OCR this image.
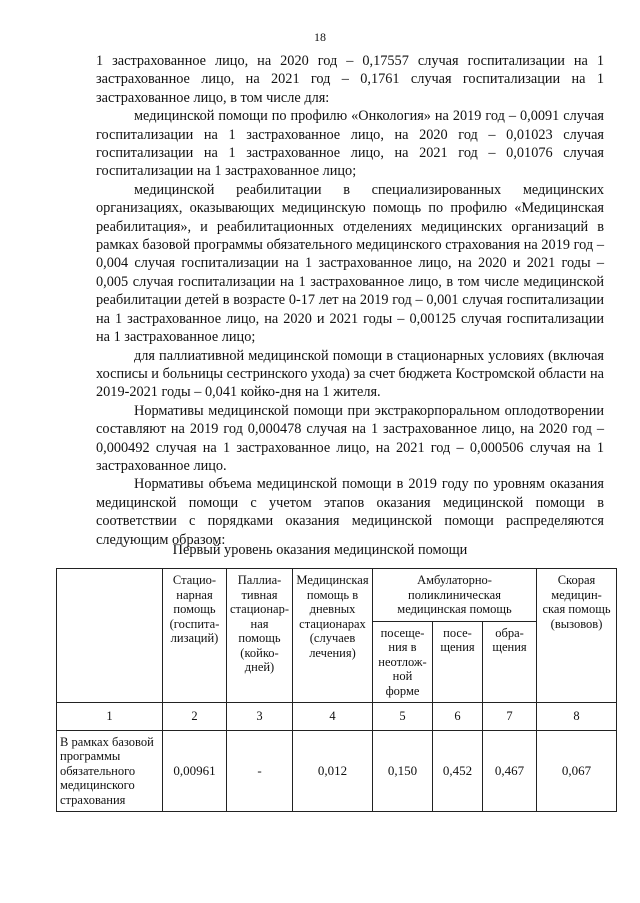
18

1 застрахованное лицо, на 2020 год – 0,17557 случая госпитализации на 1 застрахованное лицо, на 2021 год – 0,1761 случая госпитализации на 1 застрахованное лицо, в том числе для:

медицинской помощи по профилю «Онкология» на 2019 год – 0,0091 случая госпитализации на 1 застрахованное лицо, на 2020 год – 0,01023 случая госпитализации на 1 застрахованное лицо, на 2021 год – 0,01076 случая госпитализации на 1 застрахованное лицо;

медицинской реабилитации в специализированных медицинских организациях, оказывающих медицинскую помощь по профилю «Медицинская реабилитация», и реабилитационных отделениях медицинских организаций в рамках базовой программы обязательного медицинского страхования на 2019 год – 0,004 случая госпитализации на 1 застрахованное лицо, на 2020 и 2021 годы – 0,005 случая госпитализации на 1 застрахованное лицо, в том числе медицинской реабилитации детей в возрасте 0-17 лет на 2019 год – 0,001 случая госпитализации на 1 застрахованное лицо, на 2020 и 2021 годы – 0,00125 случая госпитализации на 1 застрахованное лицо;

для паллиативной медицинской помощи в стационарных условиях (включая хосписы и больницы сестринского ухода) за счет бюджета Костромской области на 2019-2021 годы – 0,041 койко-дня на 1 жителя.

Нормативы медицинской помощи при экстракорпоральном оплодотворении составляют на 2019 год 0,000478 случая на 1 застрахованное лицо, на 2020 год – 0,000492 случая на 1 застрахованное лицо, на 2021 год – 0,000506 случая на 1 застрахованное лицо.

Нормативы объема медицинской помощи в 2019 году по уровням оказания медицинской помощи с учетом этапов оказания медицинской помощи в соответствии с порядками оказания медицинской помощи распределяются следующим образом:

Первый уровень оказания медицинской помощи
	Стацио-нарная помощь (госпита-лизаций)	Паллиа-тивная стационар-ная помощь (койко-дней)	Медицинская помощь в дневных стационарах (случаев лечения)	Амбулаторно-поликлиническая медицинская помощь			Скорая медицин-ская помощь (вызовов)
				посеще-ния в неотлож-ной форме	посе-щения	обра-щения	
1	2	3	4	5	6	7	8
В рамках базовой программы обязательного медицинского страхования	0,00961	-	0,012	0,150	0,452	0,467	0,067
